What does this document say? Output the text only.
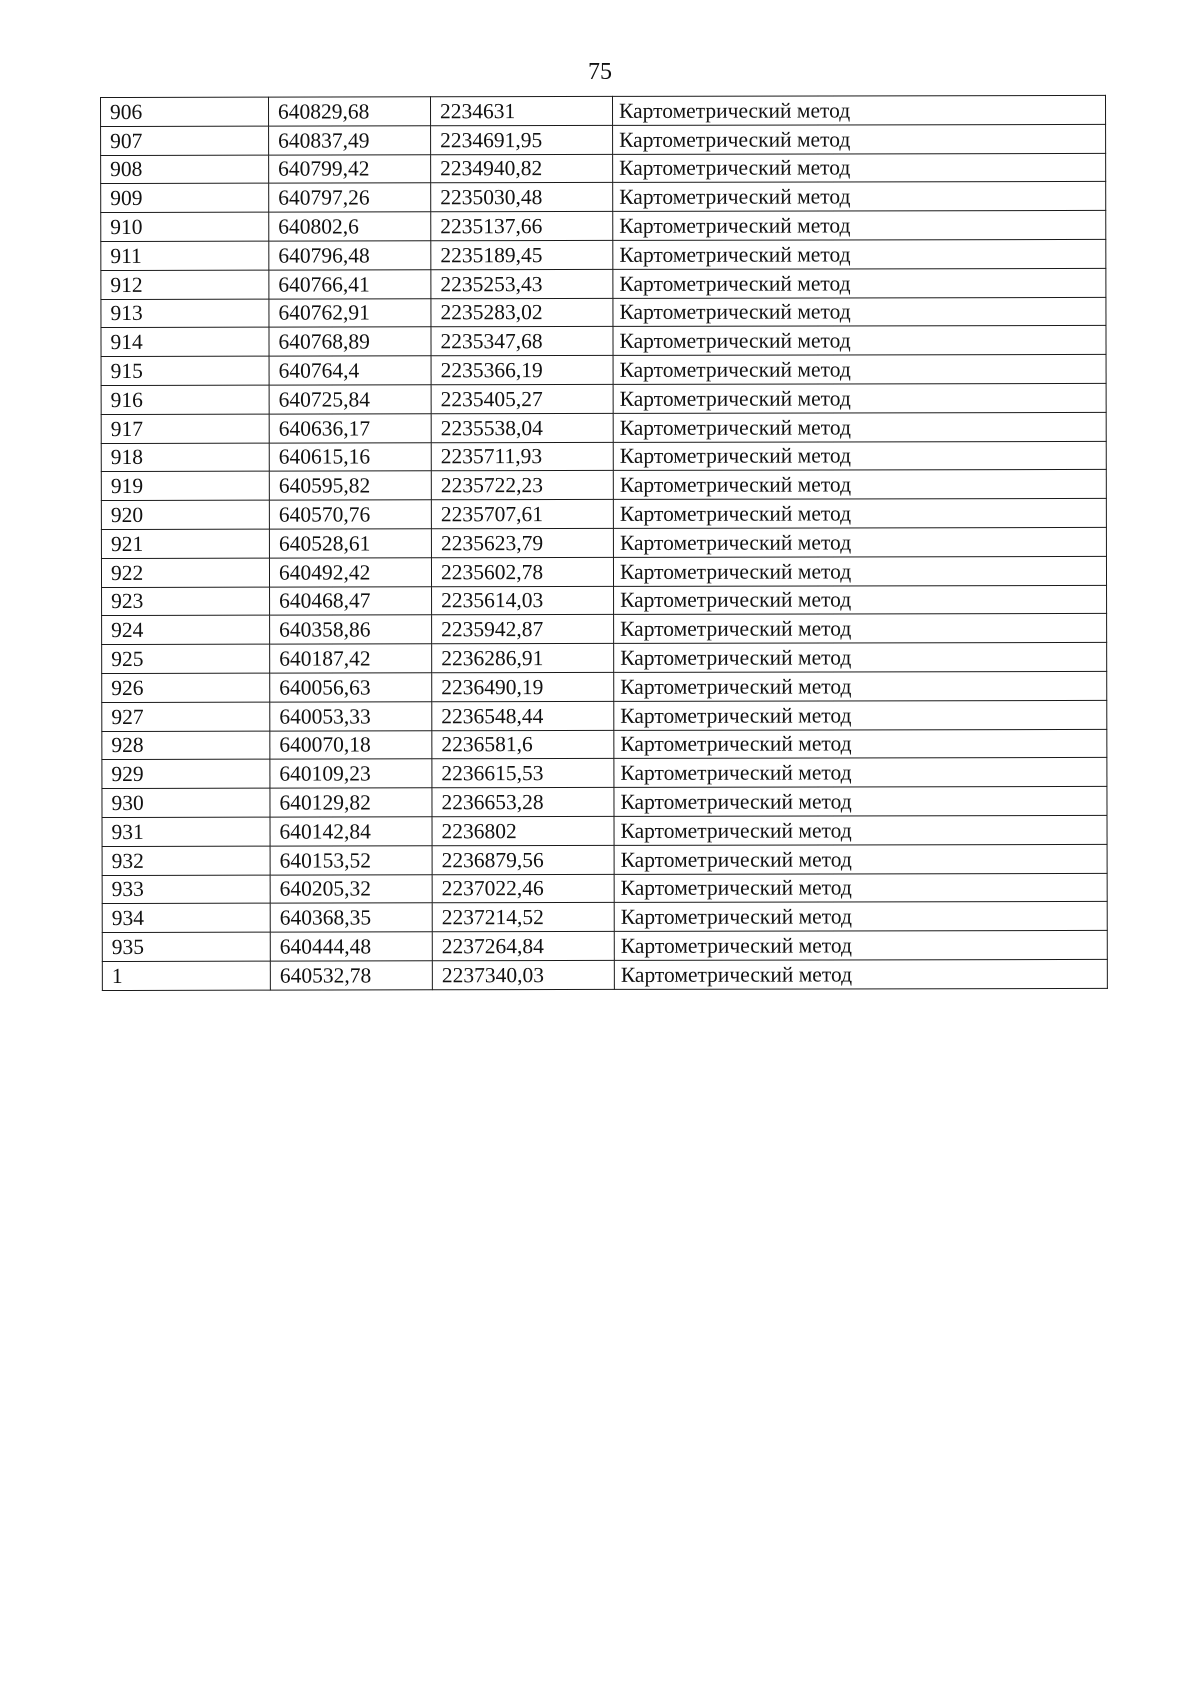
75
906	640829,68	2234631	Картометрический метод
907	640837,49	2234691,95	Картометрический метод
908	640799,42	2234940,82	Картометрический метод
909	640797,26	2235030,48	Картометрический метод
910	640802,6	2235137,66	Картометрический метод
911	640796,48	2235189,45	Картометрический метод
912	640766,41	2235253,43	Картометрический метод
913	640762,91	2235283,02	Картометрический метод
914	640768,89	2235347,68	Картометрический метод
915	640764,4	2235366,19	Картометрический метод
916	640725,84	2235405,27	Картометрический метод
917	640636,17	2235538,04	Картометрический метод
918	640615,16	2235711,93	Картометрический метод
919	640595,82	2235722,23	Картометрический метод
920	640570,76	2235707,61	Картометрический метод
921	640528,61	2235623,79	Картометрический метод
922	640492,42	2235602,78	Картометрический метод
923	640468,47	2235614,03	Картометрический метод
924	640358,86	2235942,87	Картометрический метод
925	640187,42	2236286,91	Картометрический метод
926	640056,63	2236490,19	Картометрический метод
927	640053,33	2236548,44	Картометрический метод
928	640070,18	2236581,6	Картометрический метод
929	640109,23	2236615,53	Картометрический метод
930	640129,82	2236653,28	Картометрический метод
931	640142,84	2236802	Картометрический метод
932	640153,52	2236879,56	Картометрический метод
933	640205,32	2237022,46	Картометрический метод
934	640368,35	2237214,52	Картометрический метод
935	640444,48	2237264,84	Картометрический метод
1	640532,78	2237340,03	Картометрический метод
